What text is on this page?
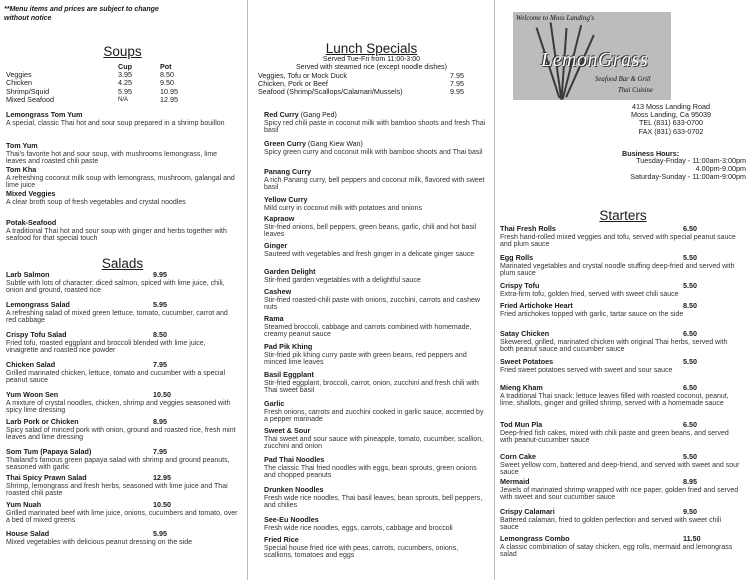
**Menu items and prices are subject to change
without notice
Soups
	Cup	Pot
Veggies	3.95	8.50
Chicken	4.25	9.50
Shrimp/Squid	5.95	10.95
Mixed Seafood	N/A	12.95
Lemongrass Tom Yum
A special, classic Thai hot and sour soup prepared in a shrimp bouillon
Tom Yum
Thai's favorite hot and sour soup, with mushrooms lemongrass, lime leaves and roasted chili paste
Tom Kha
A refreshing coconut milk soup with lemongrass, mushroom, galangal and lime juice
Mixed Veggies
A clear broth soup of fresh vegetables and crystal noodles
Potak-Seafood
A traditional Thai hot and sour soup with ginger and herbs together with seafood for that special touch
Salads
Larb Salmon	9.95
Subtle with lots of character: diced salmon, spiced with lime juice, chili, onion and ground, roasted rice
Lemongrass Salad	5.95
A refreshing salad of mixed green lettuce, tomato, cucumber, carrot and red cabbage
Crispy Tofu Salad	8.50
Fried tofu, roasted eggplant and broccoli blended with lime juice, vinaigrette and roasted rice powder
Chicken Salad	7.95
Grilled marinated chicken, lettuce, tomato and cucumber with a special peanut sauce
Yum Woon Sen	10.50
A mixture of crystal noodles, chicken, shrimp and veggies seasoned with spicy lime dressing
Larb Pork or Chicken	8.95
Spicy salad of minced pork with onion, ground and roasted rice, fresh mint leaves and lime dressing
Som Tum (Papaya Salad)	7.95
Thailand's famous green papaya salad with shrimp and ground peanuts, seasoned with garlic
Thai Spicy Prawn Salad	12.95
Shrimp, lemongrass and fresh herbs, seasoned with lime juice and Thai roasted chili paste
Yum Nuah	10.50
Grilled marinated beef with lime juice, onions, cucumbers and tomato, over a bed of mixed greens
House Salad	5.95
Mixed vegetables with delicious peanut dressing on the side
Lunch Specials
Served Tue-Fri from 11:00-3:00
Served with steamed rice (except noodle dishes)
Veggies, Tofu or Mock Duck	7.95
Chicken, Pork or Beef	7.95
Seafood (Shrimp/Scallops/Calamari/Mussels)	9.95
Red Curry (Gang Ped)
Spicy red chili paste in coconut milk with bamboo shoots and fresh Thai basil
Green Curry (Gang Kiew Wan)
Spicy green curry and coconut milk with bamboo shoots and Thai basil
Panang Curry
A rich Panang curry, bell peppers and coconut milk, flavored with sweet basil
Yellow Curry
Mild curry in coconut milk with potatoes and onions
Kapraow
Stir-fried onions, bell peppers, green beans, garlic, chili and hot basil leaves
Ginger
Sauteed with vegetables and fresh ginger in a delicate ginger sauce
Garden Delight
Stir-fried garden vegetables with a delightful sauce
Cashew
Stir-fried roasted-chili paste with onions, zucchini, carrots and cashew nuts
Rama
Steamed broccoli, cabbage and carrots combined with homemade, creamy peanut sauce
Pad Pik Khing
Stir-fried pik khing curry paste with green beans, red peppers and minced lime leaves
Basil Eggplant
Stir-fried eggplant, broccoli, carrot, onion, zucchini and fresh chili with Thai sweet basil
Garlic
Fresh onions, carrots and zucchini cooked in garlic sauce, accented by a pepper marinade
Sweet & Sour
Thai sweet and sour sauce with pineapple, tomato, cucumber, scallion, zucchini and onion
Pad Thai Noodles
The classic Thai fried noodles with eggs, bean sprouts, green onions and chopped peanuts
Drunken Noodles
Fresh wide rice noodles, Thai basil leaves, bean sprouts, bell peppers, and chilies
See-Eu Noodles
Fresh wide rice noodles, eggs, carrots, cabbage and broccoli
Fried Rice
Special house fried rice with peas, carrots, cucumbers, onions, scallions, tomatoes and eggs
Welcome to Moss Landing's
LemonGrass
Seafood Bar & Grill
Thai Cuisine
413 Moss Landing Road
Moss Landing, Ca 95039
TEL (831) 633-0700
FAX (831) 633-0702
Business Hours:
Tuesday-Friday - 11:00am-3:00pm
4.00pm-9.00pm
Saturday-Sunday - 11:00am-9:00pm
Starters
Thai Fresh Rolls	6.50
Fresh hand-rolled mixed veggies and tofu, served with special peanut sauce and plum sauce
Egg Rolls	5.50
Marinated vegetables and crystal noodle stuffing deep-fried and served with plum sauce
Crispy Tofu	5.50
Extra-firm tofu, golden fried, served with sweet chili sauce
Fried Artichoke Heart	8.50
Fried artichokes topped with garlic, tartar sauce on the side
Satay Chicken	6.50
Skewered, grilled, marinated chicken with original Thai herbs, served with both peanut sauce and cucumber sauce
Sweet Potatoes	5.50
Fried sweet potatoes served with sweet and sour sauce
Mieng Kham	6.50
A traditional Thai snack: lettuce leaves filled with roasted coconut, peanut, lime, shallots, ginger and grilled shrimp, served with a homemade sauce
Tod Mun Pla	6.50
Deep-fried fish cakes, mixed with chili paste and green beans, and served with peanut-cucumber sauce
Corn Cake	5.50
Sweet yellow corn, battered and deep-friend, and served with sweet and sour sauce
Mermaid	8.95
Jewels of marinated shrimp wrapped with rice paper, golden fried and served with sweet and sour cucumber sauce
Crispy Calamari	9.50
Battered calamari, fried to golden perfection and served with sweet chili sauce
Lemongrass Combo	11.50
A classic combination of satay chicken, egg rolls, mermaid and lemongrass salad
